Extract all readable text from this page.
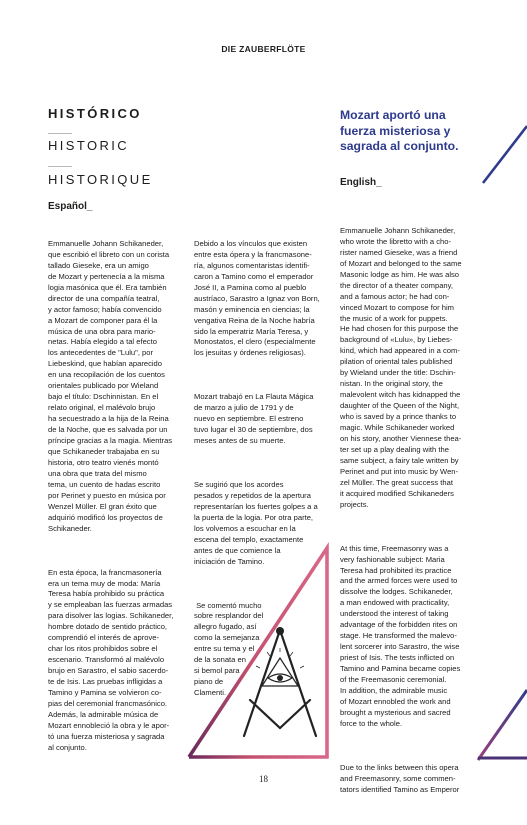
DIE ZAUBERFLÖTE
HISTÓRICO
HISTORIC
HISTORIQUE
Mozart aportó una
fuerza misteriosa y
sagrada al conjunto.
Español_
English_

Emmanuelle Johann Schikaneder,
que escribió el libreto con un corista
tallado Gieseke, era un amigo
de Mozart y pertenecía a la misma
logia masónica que él. Era también
director de una compañía teatral,
y actor famoso; había convencido
a Mozart de componer para él la
música de una obra para mario-
netas. Había elegido a tal efecto
los antecedentes de "Lulu", por
Liebeskind, que habían aparecido
en una recopilación de los cuentos
orientales publicado por Wieland
bajo el título: Dschinnistan. En el
relato original, el malévolo brujo
ha secuestrado a la hija de la Reina
de la Noche, que es salvada por un
príncipe gracias a la magia. Mientras
que Schikaneder trabajaba en su
historia, otro teatro vienés montó
una obra que trata del mismo
tema, un cuento de hadas escrito
por Perinet y puesto en música por
Wenzel Müller. El gran éxito que
adquirió modificó los proyectos de
Schikaneder.

En esta época, la francmasonería
era un tema muy de moda: María
Teresa había prohibido su práctica
y se empleaban las fuerzas armadas
para disolver las logias. Schikaneder,
hombre dotado de sentido práctico,
comprendió el interés de aprove-
char los ritos prohibidos sobre el
escenario. Transformó al malévolo
brujo en Sarastro, el sabio sacerdo-
te de Isis. Las pruebas infligidas a
Tamino y Pamina se volvieron co-
pias del ceremonial francmasónico.
Además, la admirable música de
Mozart ennobleció la obra y le apor-
tó una fuerza misteriosa y sagrada
al conjunto.

Debido a los vínculos que existen
entre esta ópera y la francmasone-
ría, algunos comentaristas identifi-
caron a Tamino como el emperador
José II, a Pamina como al pueblo
austríaco, Sarastro a Ignaz von Born,
masón y eminencia en ciencias; la
vengativa Reina de la Noche habría
sido la emperatriz María Teresa, y
Monostatos, el clero (especialmente
los jesuitas y órdenes religiosas).

Mozart trabajó en La Flauta Mágica
de marzo a julio de 1791 y de
nuevo en septiembre. El estreno
tuvo lugar el 30 de septiembre, dos
meses antes de su muerte.

Se sugirió que los acordes
pesados y repetidos de la apertura
representarían los fuertes golpes a a
la puerta de la logia. Por otra parte,
los volvemos a escuchar en la
escena del templo, exactamente
antes de que comience la
iniciación de Tamino.

Se comentó mucho
sobre resplandor del
allegro fugado, así
como la semejanza
entre su tema y el
de la sonata en
si bemol para
piano de
Clamenti.

Emmanuelle Johann Schikaneder,
who wrote the libretto with a cho-
rister named Gieseke, was a friend
of Mozart and belonged to the same
Masonic lodge as him. He was also
the director of a theater company,
and a famous actor; he had con-
vinced Mozart to compose for him
the music of a work for puppets.
He had chosen for this purpose the
background of «Lulu», by Liebes-
kind, which had appeared in a com-
pilation of oriental tales published
by Wieland under the title: Dschin-
nistan. In the original story, the
malevolent witch has kidnapped the
daughter of the Queen of the Night,
who is saved by a prince thanks to
magic. While Schikaneder worked
on his story, another Viennese thea-
ter set up a play dealing with the
same subject, a fairy tale written by
Perinet and put into music by Wen-
zel Müller. The great success that
it acquired modified Schikaneders
projects.

At this time, Freemasonry was a
very fashionable subject: Maria
Teresa had prohibited its practice
and the armed forces were used to
dissolve the lodges. Schikaneder,
a man endowed with practicality,
understood the interest of taking
advantage of the forbidden rites on
stage. He transformed the malevo-
lent sorcerer into Sarastro, the wise
priest of Isis. The tests inflicted on
Tamino and Pamina became copies
of the Freemasonic ceremonial.
In addition, the admirable music
of Mozart ennobled the work and
brought a mysterious and sacred
force to the whole.

Due to the links between this opera
and Freemasonry, some commen-
tators identified Tamino as Emperor

18
